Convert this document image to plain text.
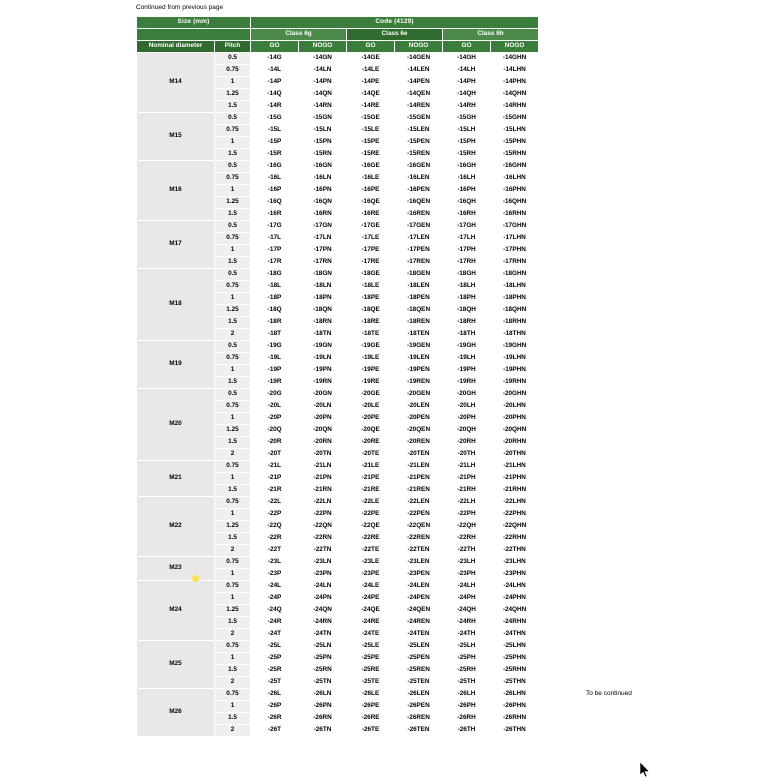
Continued from previous page
Size (mm)		Code (4129)					
		Class 6g		Class 6e		Class 6h	
Nominal diameter	Pitch	GO	NOGO	GO	NOGO	GO	NOGO
M14	0.5	-14G	-14GN	-14GE	-14GEN	-14GH	-14GHN
	0.75	-14L	-14LN	-14LE	-14LEN	-14LH	-14LHN
	1	-14P	-14PN	-14PE	-14PEN	-14PH	-14PHN
	1.25	-14Q	-14QN	-14QE	-14QEN	-14QH	-14QHN
	1.5	-14R	-14RN	-14RE	-14REN	-14RH	-14RHN
M15	0.5	-15G	-15GN	-15GE	-15GEN	-15GH	-15GHN
	0.75	-15L	-15LN	-15LE	-15LEN	-15LH	-15LHN
	1	-15P	-15PN	-15PE	-15PEN	-15PH	-15PHN
	1.5	-15R	-15RN	-15RE	-15REN	-15RH	-15RHN
M16	0.5	-16G	-16GN	-16GE	-16GEN	-16GH	-16GHN
	0.75	-16L	-16LN	-16LE	-16LEN	-16LH	-16LHN
	1	-16P	-16PN	-16PE	-16PEN	-16PH	-16PHN
	1.25	-16Q	-16QN	-16QE	-16QEN	-16QH	-16QHN
	1.5	-16R	-16RN	-16RE	-16REN	-16RH	-16RHN
M17	0.5	-17G	-17GN	-17GE	-17GEN	-17GH	-17GHN
	0.75	-17L	-17LN	-17LE	-17LEN	-17LH	-17LHN
	1	-17P	-17PN	-17PE	-17PEN	-17PH	-17PHN
	1.5	-17R	-17RN	-17RE	-17REN	-17RH	-17RHN
M18	0.5	-18G	-18GN	-18GE	-18GEN	-18GH	-18GHN
	0.75	-18L	-18LN	-18LE	-18LEN	-18LH	-18LHN
	1	-18P	-18PN	-18PE	-18PEN	-18PH	-18PHN
	1.25	-18Q	-18QN	-18QE	-18QEN	-18QH	-18QHN
	1.5	-18R	-18RN	-18RE	-18REN	-18RH	-18RHN
	2	-18T	-18TN	-18TE	-18TEN	-18TH	-18THN
M19	0.5	-19G	-19GN	-19GE	-19GEN	-19GH	-19GHN
	0.75	-19L	-19LN	-19LE	-19LEN	-19LH	-19LHN
	1	-19P	-19PN	-19PE	-19PEN	-19PH	-19PHN
	1.5	-19R	-19RN	-19RE	-19REN	-19RH	-19RHN
M20	0.5	-20G	-20GN	-20GE	-20GEN	-20GH	-20GHN
	0.75	-20L	-20LN	-20LE	-20LEN	-20LH	-20LHN
	1	-20P	-20PN	-20PE	-20PEN	-20PH	-20PHN
	1.25	-20Q	-20QN	-20QE	-20QEN	-20QH	-20QHN
	1.5	-20R	-20RN	-20RE	-20REN	-20RH	-20RHN
	2	-20T	-20TN	-20TE	-20TEN	-20TH	-20THN
M21	0.75	-21L	-21LN	-21LE	-21LEN	-21LH	-21LHN
	1	-21P	-21PN	-21PE	-21PEN	-21PH	-21PHN
	1.5	-21R	-21RN	-21RE	-21REN	-21RH	-21RHN
M22	0.75	-22L	-22LN	-22LE	-22LEN	-22LH	-22LHN
	1	-22P	-22PN	-22PE	-22PEN	-22PH	-22PHN
	1.25	-22Q	-22QN	-22QE	-22QEN	-22QH	-22QHN
	1.5	-22R	-22RN	-22RE	-22REN	-22RH	-22RHN
	2	-22T	-22TN	-22TE	-22TEN	-22TH	-22THN
M23	0.75	-23L	-23LN	-23LE	-23LEN	-23LH	-23LHN
	1	-23P	-23PN	-23PE	-23PEN	-23PH	-23PHN
M24	0.75	-24L	-24LN	-24LE	-24LEN	-24LH	-24LHN
	1	-24P	-24PN	-24PE	-24PEN	-24PH	-24PHN
	1.25	-24Q	-24QN	-24QE	-24QEN	-24QH	-24QHN
	1.5	-24R	-24RN	-24RE	-24REN	-24RH	-24RHN
	2	-24T	-24TN	-24TE	-24TEN	-24TH	-24THN
M25	0.75	-25L	-25LN	-25LE	-25LEN	-25LH	-25LHN
	1	-25P	-25PN	-25PE	-25PEN	-25PH	-25PHN
	1.5	-25R	-25RN	-25RE	-25REN	-25RH	-25RHN
	2	-25T	-25TN	-25TE	-25TEN	-25TH	-25THN
M26	0.75	-26L	-26LN	-26LE	-26LEN	-26LH	-26LHN
	1	-26P	-26PN	-26PE	-26PEN	-26PH	-26PHN
	1.5	-26R	-26RN	-26RE	-26REN	-26RH	-26RHN
	2	-26T	-26TN	-26TE	-26TEN	-26TH	-26THN
To be continued
